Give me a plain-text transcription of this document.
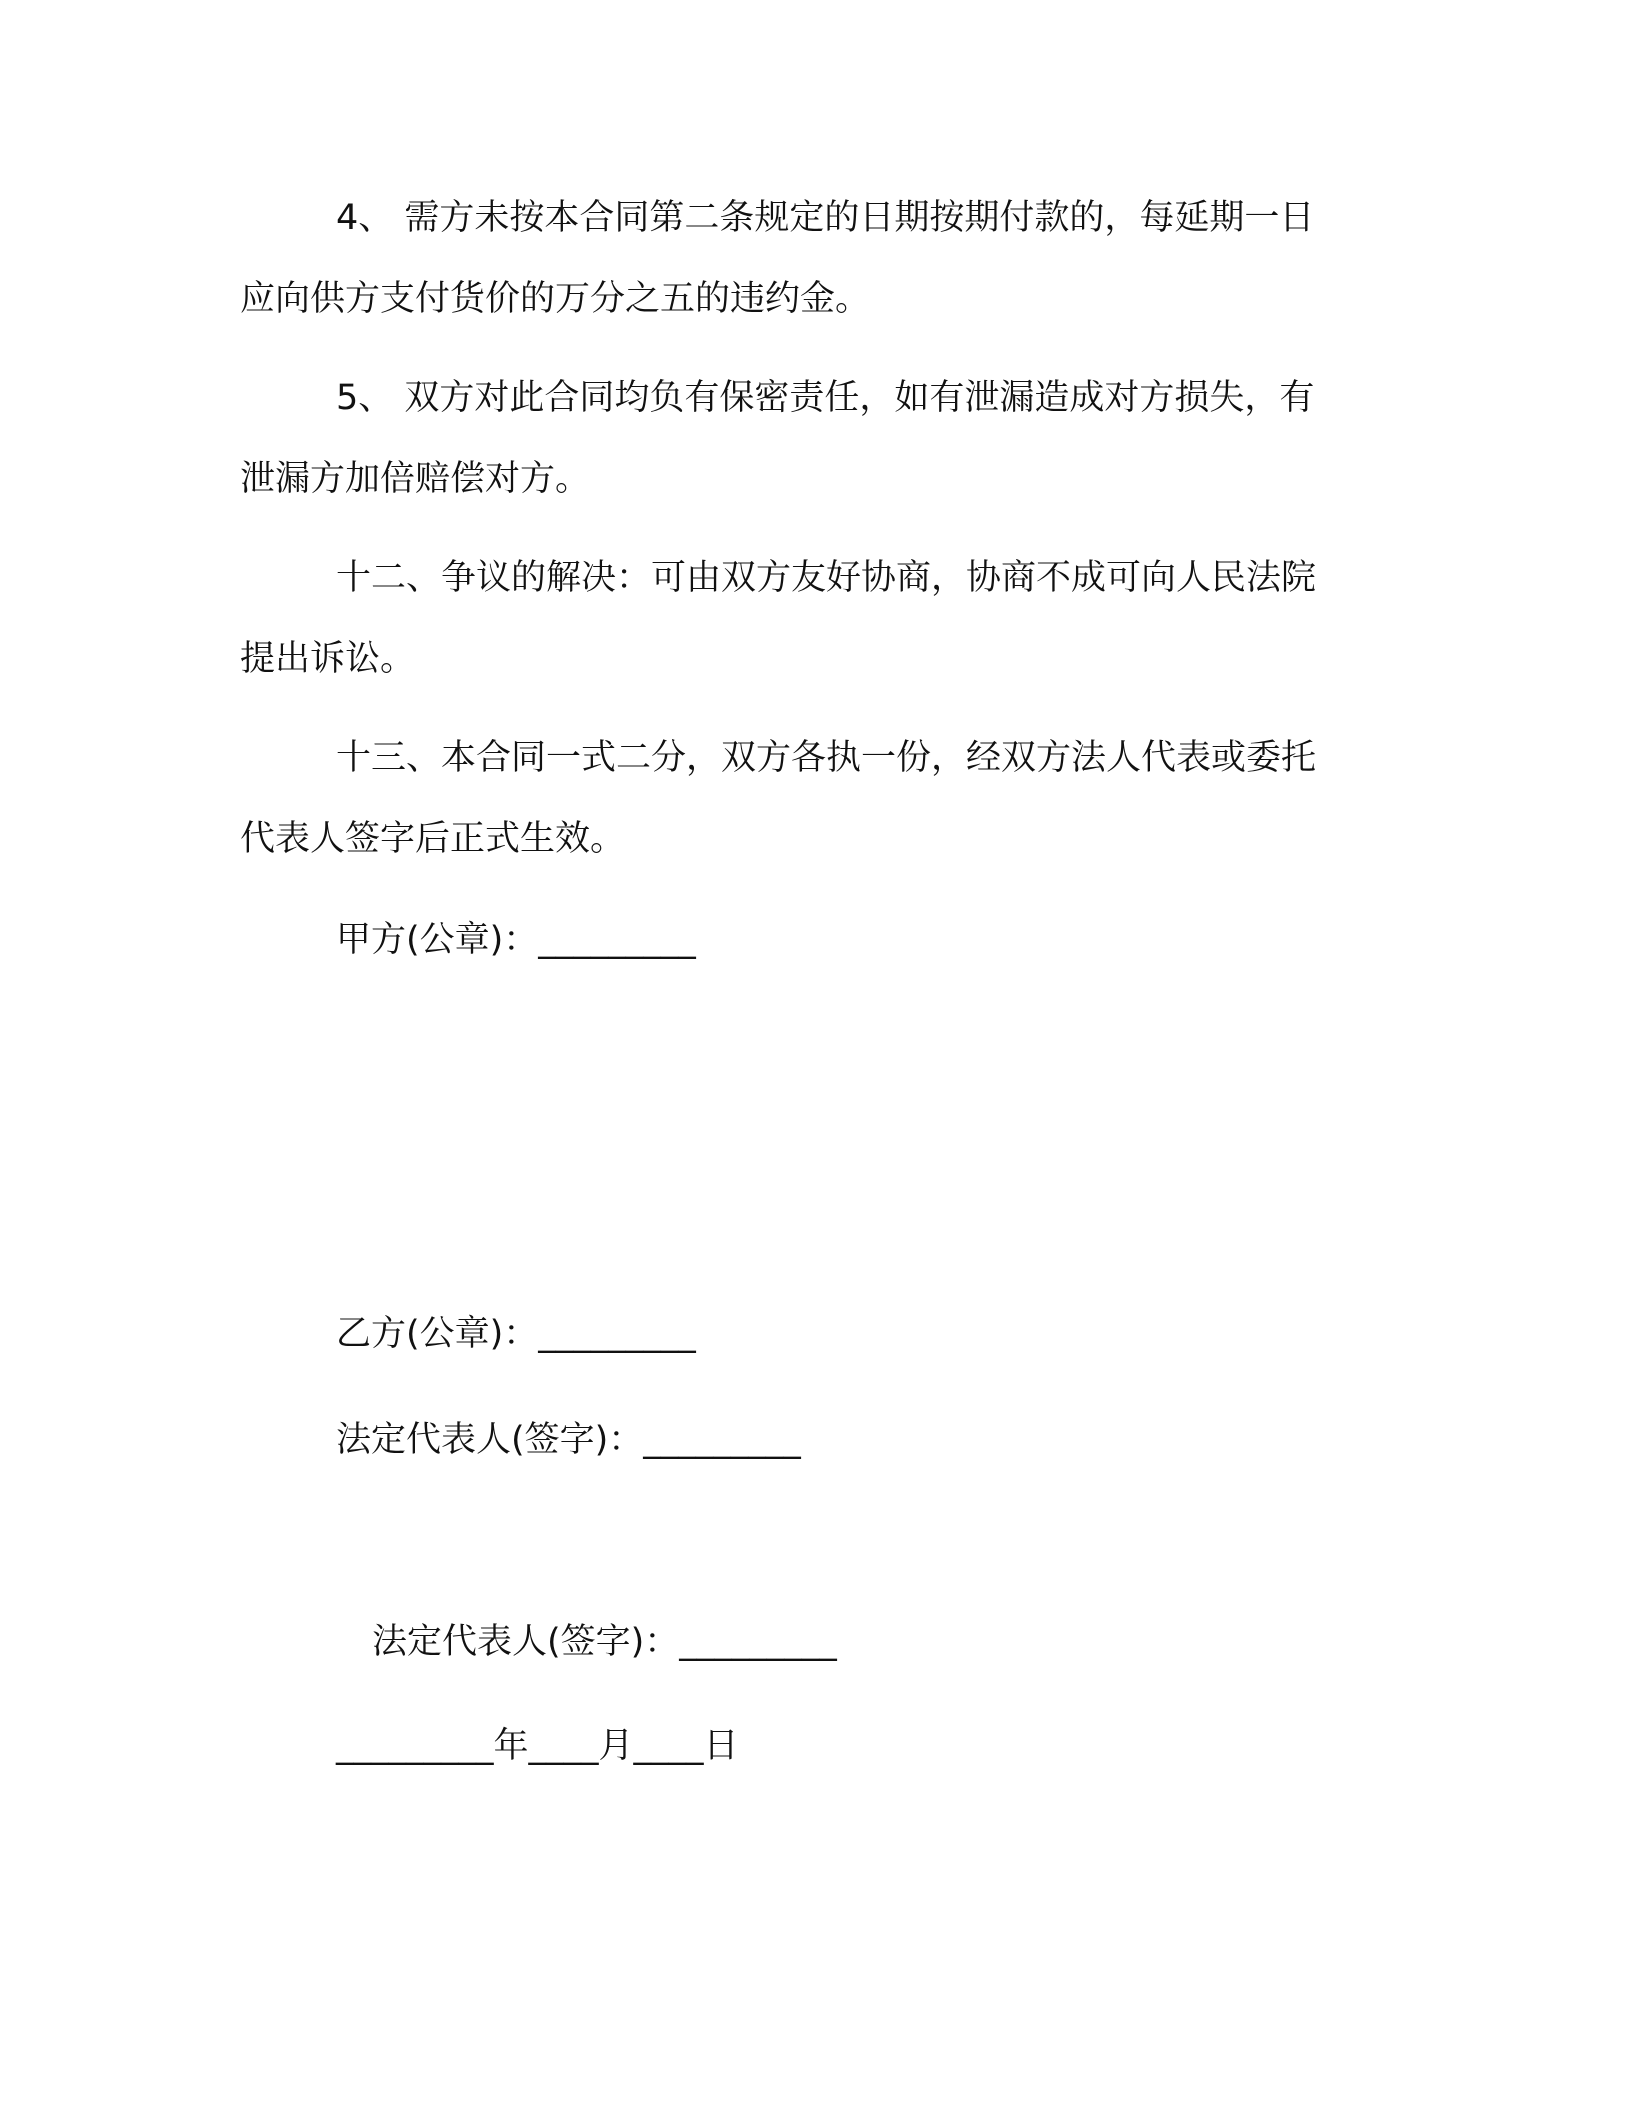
4、 需方未按本合同第二条规定的日期按期付款的，每延期一日
应向供方支付货价的万分之五的违约金。
5、 双方对此合同均负有保密责任，如有泄漏造成对方损失，有
泄漏方加倍赔偿对方。
十二、争议的解决：可由双方友好协商，协商不成可向人民法院
提出诉讼。
十三、本合同一式二分，双方各执一份，经双方法人代表或委托
代表人签字后正式生效。

甲方(公章)：_________

乙方(公章)：_________

法定代表人(签字)：_________

法定代表人(签字)：_________

_________年____月____日
